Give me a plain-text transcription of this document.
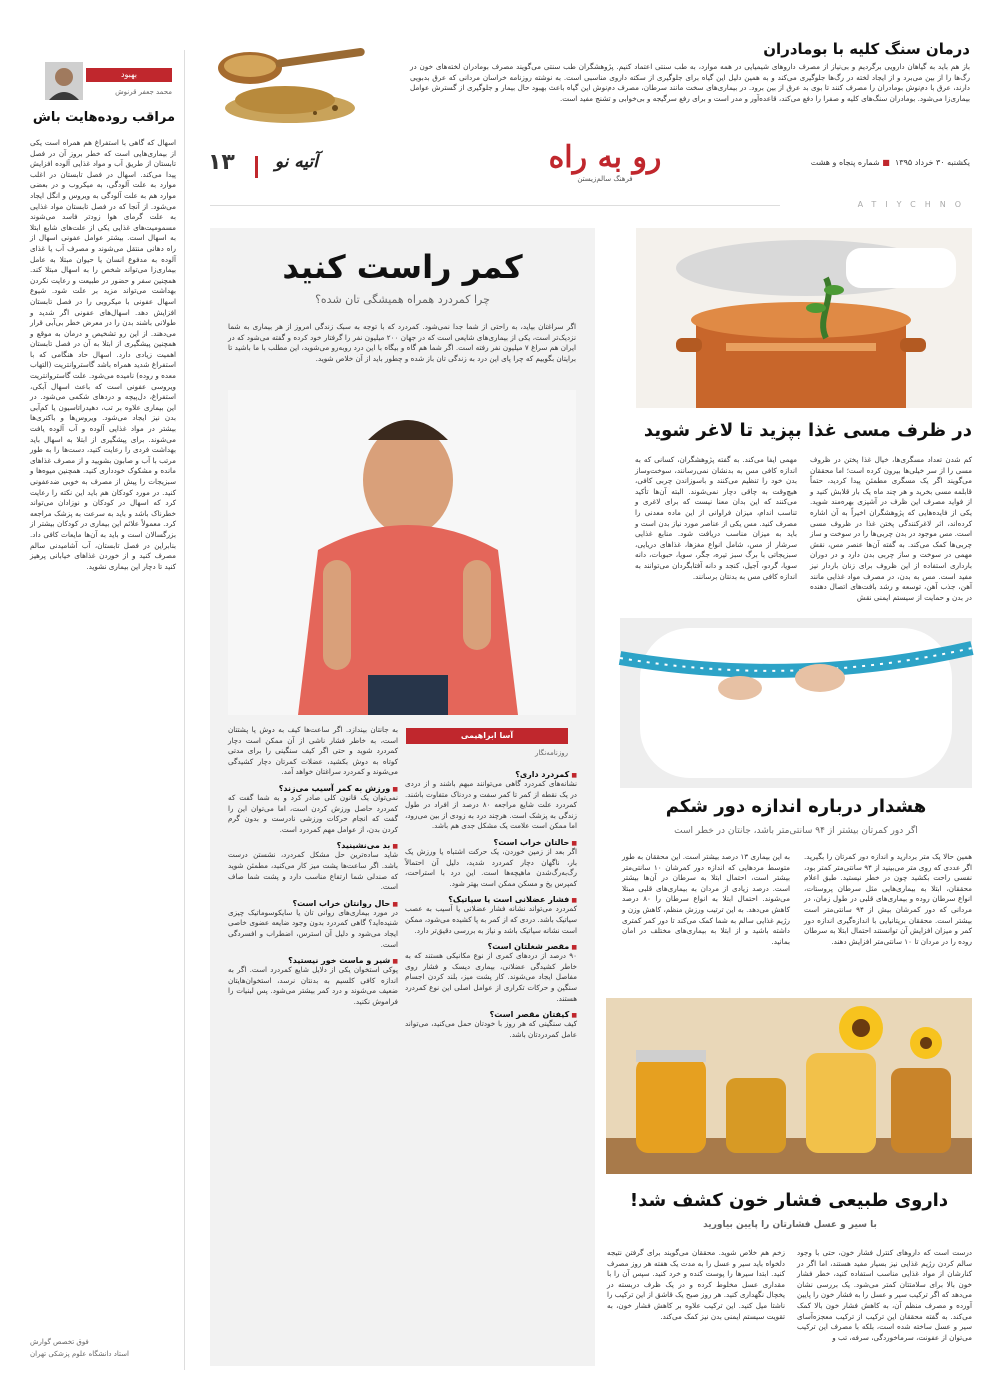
درمان سنگ کلیه با بومادران
باز هم باید به گیاهان دارویی برگردیم و بی‌نیاز از مصرف داروهای شیمیایی در همه موارد، به طب سنتی اعتماد کنیم. پژوهشگران طب سنتی می‌گویند مصرف بومادران لخته‌های خون در رگ‌ها را از بین می‌برد و از ایجاد لخته در رگ‌ها جلوگیری می‌کند و به همین دلیل این گیاه برای جلوگیری از سکته داروی مناسبی است. به نوشته روزنامه خراسان مردانی که عرق بدبویی دارند، عرق با دم‌نوش بومادران را مصرف کنند تا بوی بد عرق از بین برود. در بیماری‌های سخت مانند سرطان، مصرف دم‌نوش این گیاه باعث بهبود حال بیمار و جلوگیری از گسترش عوامل بیماری‌زا می‌شود. بومادران سنگ‌های کلیه و صفرا را دفع می‌کند، قاعده‌آور و مدر است و برای رفع سرگیجه و بی‌خوابی و تشنج مفید است.
یکشنبه ۳۰ خرداد ۱۳۹۵ ■ شماره پنجاه و هشت
رو به راه
فرهنگ سالم‌زیستن
آتیه نو
۱۳
ATIYCHNO
در ظرف مسی غذا بپزید تا لاغر شوید
کم شدن تعداد مسگری‌ها، خیال غذا پختن در ظروف مسی را از سر خیلی‌ها بیرون کرده است؛ اما محققان می‌گویند اگر یک مسگری مطمئن پیدا کردید، حتماً قابلمه مسی بخرید و هر چند ماه یک بار قلابش کنید و از فواید مصرف این ظرف در آشپزی بهره‌مند شوید. یکی از فایده‌هایی که پژوهشگران اخیراً به آن اشاره کرده‌اند، اثر لاغرکنندگی پختن غذا در ظروف مسی است. مس موجود در بدن چربی‌ها را در سوخت و ساز چربی‌ها کمک می‌کند. به گفته آن‌ها عنصر مس، نقش مهمی در سوخت و ساز چربی بدن دارد و در دوران بارداری استفاده از این ظروف برای زنان باردار نیز مفید است. مس به بدن، در مصرف مواد غذایی مانند آهن، جذب آهن، توسعه و رشد بافت‌های اتصال دهنده در بدن و حمایت از سیستم ایمنی نقش
مهمی ایفا می‌کند. به گفته پژوهشگران، کسانی که به اندازه کافی مس به بدنشان نمی‌رسانند، سوخت‌وساز بدن خود را تنظیم می‌کنند و باسوزاندن چربی کافی، هیچ‌وقت به چاقی دچار نمی‌شوند. البته آن‌ها تأکید می‌کنند که این بدان معنا نیست که برای لاغری و تناسب اندام، میزان فراوانی از این ماده معدنی را مصرف کنید. مس یکی از عناصر مورد نیاز بدن است و باید به میزان مناسب دریافت شود. منابع غذایی سرشار از مس، شامل انواع مغزها، غذاهای دریایی، سبزیجاتی با برگ سبز تیره، جگر، سویا، حبوبات، دانه سویا، گردو، آجیل، کنجد و دانه آفتابگردان می‌توانند به اندازه کافی مس به بدنتان برسانند.
هشدار درباره اندازه دور شکم
اگر دور کمرتان بیشتر از ۹۴ سانتی‌متر باشد، جانتان در خطر است
همین حالا یک متر بردارید و اندازه دور کمرتان را بگیرید. اگر عددی که روی متر می‌بینید از ۹۴ سانتی‌متر کمتر بود، نفسی راحت بکشید چون در خطر نیستید. طبق اعلام محققان، ابتلا به بیماری‌هایی مثل سرطان پروستات، انواع سرطان روده و بیماری‌های قلبی در طول زمان، در مردانی که دور کمرشان بیش از ۹۴ سانتی‌متر است بیشتر است. محققان بریتانیایی با اندازه‌گیری اندازه دور کمر و میزان افزایش آن توانستند احتمال ابتلا به سرطان روده را در مردان تا ۱۰ سانتی‌متر افزایش دهند.
به این بیماری ۱۳ درصد بیشتر است. این محققان به طور متوسط مردهایی که اندازه دور کمرشان ۱۰ سانتی‌متر بیشتر است، احتمال ابتلا به سرطان در آن‌ها بیشتر است. درصد زیادی از مردان به بیماری‌های قلبی مبتلا می‌شوند. احتمال ابتلا به انواع سرطان را ۸۰ درصد کاهش می‌دهد. به این ترتیب ورزش منظم، کاهش وزن و رژیم غذایی سالم به شما کمک می‌کند تا دور کمر کمتری داشته باشید و از ابتلا به بیماری‌های مختلف در امان بمانید.
داروی طبیعی فشار خون کشف شد!
با سیر و عسل فشارتان را پایین بیاورید
درست است که داروهای کنترل فشار خون، حتی با وجود سالم کردن رژیم غذایی نیز بسیار مفید هستند، اما اگر در کنارشان از مواد غذایی مناسب استفاده کنید، خطر فشار خون بالا برای سلامتتان کمتر می‌شود. یک بررسی نشان می‌دهد که اگر ترکیب سیر و عسل را به فشار خون را پایین آورده و مصرف منظم آن، به کاهش فشار خون بالا کمک می‌کند. به گفته محققان این ترکیب از ترکیب معجزه‌آسای سیر و عسل ساخته شده است، بلکه با مصرف این ترکیب می‌توان از عفونت، سرماخوردگی، سرفه، تب و
زخم هم خلاص شوید. محققان می‌گویند برای گرفتن نتیجه دلخواه باید سیر و عسل را به مدت یک هفته هر روز مصرف کنید. ابتدا سیرها را پوست کنده و خرد کنید. سپس آن را با مقداری عسل مخلوط کرده و در یک ظرف دربسته در یخچال نگهداری کنید. هر روز صبح یک قاشق از این ترکیب را ناشتا میل کنید. این ترکیب علاوه بر کاهش فشار خون، به تقویت سیستم ایمنی بدن نیز کمک می‌کند.
کمر راست کنید
چرا کمردرد همراه همیشگی تان شده؟
اگر سراغتان بیاید، به راحتی از شما جدا نمی‌شود. کمردرد که با توجه به سبک زندگی امروز از هر بیماری به شما نزدیک‌تر است، یکی از بیماری‌های شایعی است که در جهان ۲۰۰ میلیون نفر را گرفتار خود کرده و گفته می‌شود که در ایران هم سراغ ۷ میلیون نفر رفته است. اگر شما هم گاه و بیگاه با این درد روبه‌رو می‌شوید، این مطلب با ما باشید تا برایتان بگوییم که چرا پای این درد به زندگی تان باز شده و چطور باید از آن خلاص شوید.
آسا ابراهیمی
روزنامه‌نگار
■ کمردرد داری؟
نشانه‌های کمردرد گاهی می‌توانند مبهم باشند و از دردی در یک نقطه از کمر تا کمر سفت و دردناک متفاوت باشند. کمردرد علت شایع مراجعه ۸۰ درصد از افراد در طول زندگی به پزشک است. هرچند درد به زودی از بین می‌رود، اما ممکن است علامت یک مشکل جدی هم باشد.
■ حالتان خراب است؟
اگر بعد از زمین خوردن، یک حرکت اشتباه یا ورزش یک بار، ناگهان دچار کمردرد شدید، دلیل آن احتمالاً رگ‌به‌رگ‌شدن ماهیچه‌ها است. این درد با استراحت، کمپرس یخ و مسکن ممکن است بهتر شود.
■ فشار عضلانی است یا سیاتیک؟
کمردرد می‌تواند نشانه فشار عضلانی یا آسیب به عصب سیاتیک باشد. دردی که از کمر به پا کشیده می‌شود، ممکن است نشانه سیاتیک باشد و نیاز به بررسی دقیق‌تر دارد.
■ مقصر شغلتان است؟
۹۰ درصد از دردهای کمری از نوع مکانیکی هستند که به خاطر کشیدگی عضلانی، بیماری دیسک و فشار روی مفاصل ایجاد می‌شوند. کار پشت میز، بلند کردن اجسام سنگین و حرکات تکراری از عوامل اصلی این نوع کمردرد هستند.
■ کیفتان مقصر است؟
کیف سنگینی که هر روز با خودتان حمل می‌کنید، می‌تواند عامل کمردردتان باشد.
به جانتان بیندازد. اگر ساعت‌ها کیف به دوش یا پشتتان است، به خاطر فشار ناشی از آن ممکن است دچار کمردرد شوید و حتی اگر کیف سنگینی را برای مدتی کوتاه به دوش بکشید، عضلات کمرتان دچار کشیدگی می‌شوند و کمردرد سراغتان خواهد آمد.
■ ورزش به کمر آسیب می‌زند؟
نمی‌توان یک قانون کلی صادر کرد و به شما گفت که کمردرد حاصل ورزش کردن است، اما می‌توان این را گفت که انجام حرکات ورزشی نادرست و بدون گرم کردن بدن، از عوامل مهم کمردرد است.
■ بد می‌نشینید؟
شاید ساده‌ترین حل مشکل کمردرد، نشستن درست باشد. اگر ساعت‌ها پشت میز کار می‌کنید، مطمئن شوید که صندلی شما ارتفاع مناسب دارد و پشت شما صاف است.
■ حال روانتان خراب است؟
در مورد بیماری‌های روانی تان یا سایکوسوماتیک چیزی شنیده‌اید؟ گاهی کمردرد بدون وجود ضایعه عضوی خاصی ایجاد می‌شود و دلیل آن استرس، اضطراب و افسردگی است.
■ شیر و ماست خور نیستید؟
پوکی استخوان یکی از دلایل شایع کمردرد است. اگر به اندازه کافی کلسیم به بدنتان نرسد، استخوان‌هایتان ضعیف می‌شوند و درد کمر بیشتر می‌شود. پس لبنیات را فراموش نکنید.
بهبود
محمد جعفر قرنوش
مراقب روده‌هایت باش
اسهال که گاهی با استفراغ هم همراه است یکی از بیماری‌هایی است که خطر بروز آن در فصل تابستان از طریق آب و مواد غذایی آلوده افزایش پیدا می‌کند. اسهال در فصل تابستان در اغلب موارد به علت آلودگی، به میکروب و در بعضی موارد هم به علت آلودگی به ویروس و انگل ایجاد می‌شود. از آنجا که در فصل تابستان مواد غذایی به علت گرمای هوا زودتر فاسد می‌شوند مسمومیت‌های غذایی یکی از علت‌های شایع ابتلا به اسهال است. بیشتر عوامل عفونی اسهال از راه دهانی منتقل می‌شوند و مصرف آب یا غذای آلوده به مدفوع انسان یا حیوان مبتلا به عامل بیماری‌زا می‌تواند شخص را به اسهال مبتلا کند. همچنین سفر و حضور در طبیعت و رعایت نکردن بهداشت می‌تواند مزید بر علت شود. شیوع اسهال عفونی با میکروبی را در فصل تابستان افزایش دهد. اسهال‌های عفونی اگر شدید و طولانی باشند بدن را در معرض خطر بی‌آبی قرار می‌دهند. از این رو تشخیص و درمان به موقع و همچنین پیشگیری از ابتلا به آن در فصل تابستان اهمیت زیادی دارد. اسهال حاد هنگامی که با استفراغ شدید همراه باشد گاستروانتریت (التهاب معده و روده) نامیده می‌شود. علت گاستروانتریت ویروسی عفونی است که باعث اسهال آبکی، استفراغ، دل‌پیچه و دردهای شکمی می‌شود. در این بیماری علاوه بر تب، دهیدراتاسیون یا کم‌آبی بدن نیز ایجاد می‌شود. ویروس‌ها و باکتری‌ها بیشتر در مواد غذایی آلوده و آب آلوده یافت می‌شوند. برای پیشگیری از ابتلا به اسهال باید بهداشت فردی را رعایت کنید، دست‌ها را به طور مرتب با آب و صابون بشویید و از مصرف غذاهای مانده و مشکوک خودداری کنید. همچنین میوه‌ها و سبزیجات را پیش از مصرف به خوبی ضدعفونی کنید. در مورد کودکان هم باید این نکته را رعایت کرد که اسهال در کودکان و نوزادان می‌تواند خطرناک باشد و باید به سرعت به پزشک مراجعه کرد. معمولاً علائم این بیماری در کودکان بیشتر از بزرگسالان است و باید به آن‌ها مایعات کافی داد. بنابراین در فصل تابستان، آب آشامیدنی سالم مصرف کنید و از خوردن غذاهای خیابانی پرهیز کنید تا دچار این بیماری نشوید.
فوق تخصص گوارش
استاد دانشگاه علوم پزشکی تهران
